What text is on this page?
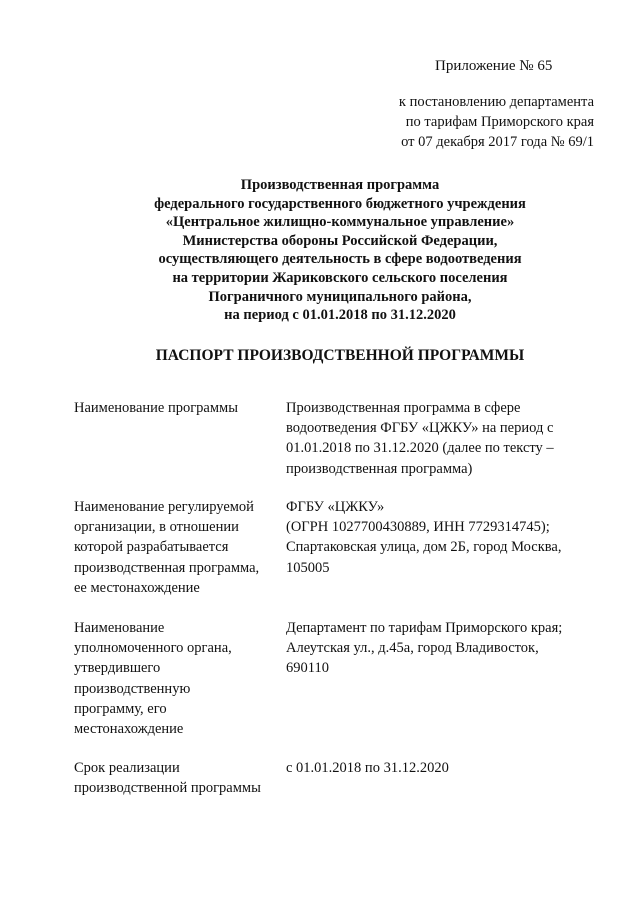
Приложение № 65
к постановлению департамента
по тарифам Приморского края
от 07 декабря 2017 года № 69/1
Производственная программа
федерального государственного бюджетного учреждения
«Центральное жилищно-коммунальное управление»
Министерства обороны Российской Федерации,
осуществляющего деятельность в сфере водоотведения
на территории Жариковского сельского поселения
Пограничного муниципального района,
на период с 01.01.2018 по 31.12.2020
ПАСПОРТ ПРОИЗВОДСТВЕННОЙ ПРОГРАММЫ
Наименование программы	Производственная программа в сфере
водоотведения ФГБУ «ЦЖКУ» на период с
01.01.2018 по 31.12.2020 (далее по тексту –
производственная программа)
Наименование регулируемой
организации, в отношении
которой разрабатывается
производственная программа,
ее местонахождение
ФГБУ «ЦЖКУ»
(ОГРН 1027700430889, ИНН 7729314745);
Спартаковская улица, дом 2Б, город Москва,
105005
Наименование
уполномоченного органа,
утвердившего
производственную
программу, его
местонахождение
Департамент по тарифам Приморского края;
Алеутская ул., д.45а, город Владивосток,
690110
Срок реализации
производственной программы
с 01.01.2018 по 31.12.2020
